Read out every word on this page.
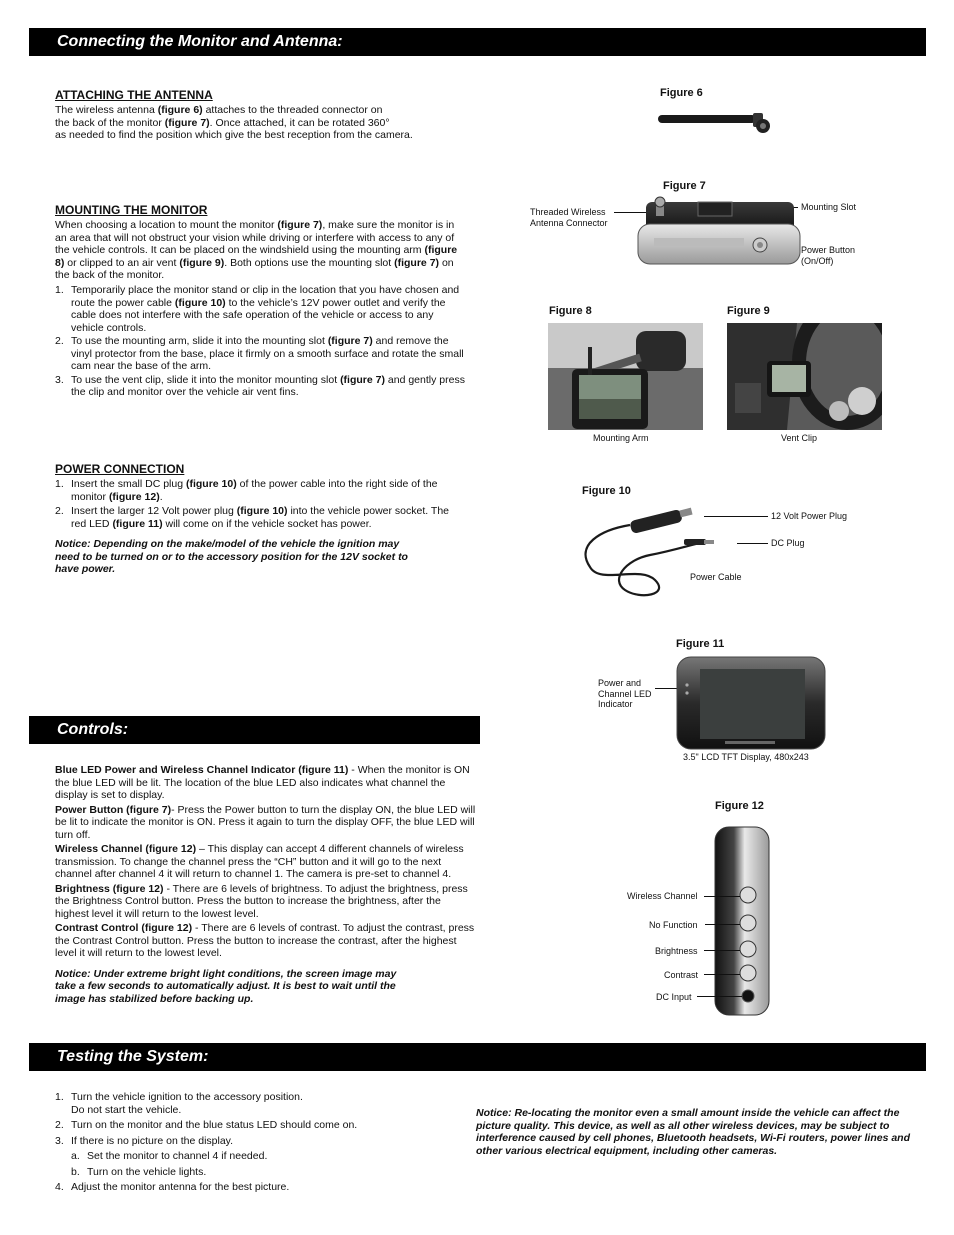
Connecting the Monitor and Antenna:
ATTACHING THE ANTENNA

The wireless antenna (figure 6) attaches to the threaded connector on
the back of the monitor (figure 7). Once attached, it can be rotated 360°
as needed to find the position which give the best reception from the camera.

MOUNTING THE MONITOR

When choosing a location to mount the monitor (figure 7), make sure the monitor is in an area that will not obstruct your vision while driving or interfere with access to any of the vehicle controls. It can be placed on the windshield using the mounting arm (figure 8) or clipped to an air vent (figure 9). Both options use the mounting slot (figure 7) on the back of the monitor.

1. Temporarily place the monitor stand or clip in the location that you have chosen and route the power cable (figure 10) to the vehicle’s 12V power outlet and verify the cable does not interfere with the safe operation of the vehicle or access to any vehicle controls.
2. To use the mounting arm, slide it into the mounting slot (figure 7) and remove the vinyl protector from the base, place it firmly on a smooth surface and rotate the small cam near the base of the arm.
3. To use the vent clip, slide it into the monitor mounting slot (figure 7) and gently press the clip and monitor over the vehicle air vent fins.
POWER CONNECTION
1. Insert the small DC plug (figure 10) of the power cable into the right side of the monitor (figure 12).
2. Insert the larger 12 Volt power plug (figure 10) into the vehicle power socket. The red LED (figure 11) will come on if the vehicle socket has power.

Notice: Depending on the make/model of the vehicle the ignition may need to be turned on or to the accessory position for the 12V socket to have power.

Figure 6
Figure 7
Threaded Wireless Antenna Connector
Mounting Slot
Power Button (On/Off)
Figure 8
Mounting Arm
Figure 9
Vent Clip
Figure 10
12 Volt Power Plug
DC Plug
Power Cable
Figure 11
Power and Channel LED Indicator
3.5" LCD TFT Display, 480x243
Figure 12
Wireless Channel
No Function
Brightness
Contrast
DC Input
Controls:

Blue LED Power and Wireless Channel Indicator (figure 11) - When the monitor is ON the blue LED will be lit. The location of the blue LED also indicates what channel the display is set to display.

Power Button (figure 7)- Press the Power button to turn the display ON, the blue LED will be lit to indicate the monitor is ON. Press it again to turn the display OFF, the blue LED will turn off.

Wireless Channel (figure 12) – This display can accept 4 different channels of wireless transmission. To change the channel press the “CH” button and it will go to the next channel after channel 4 it will return to channel 1. The camera is pre-set to channel 4.

Brightness (figure 12) - There are 6 levels of brightness. To adjust the brightness, press the Brightness Control button. Press the button to increase the brightness, after the highest level it will return to the lowest level.

Contrast Control (figure 12) - There are 6 levels of contrast. To adjust the contrast, press the Contrast Control button. Press the button to increase the contrast, after the highest level it will return to the lowest level.

Notice: Under extreme bright light conditions, the screen image may take a few seconds to automatically adjust. It is best to wait until the image has stabilized before backing up.

Testing the System:
1. Turn the vehicle ignition to the accessory position.
Do not start the vehicle.
2. Turn on the monitor and the blue status LED should come on.
3. If there is no picture on the display.
a. Set the monitor to channel 4 if needed.
b. Turn on the vehicle lights.
4. Adjust the monitor antenna for the best picture.

Notice: Re-locating the monitor even a small amount inside the vehicle can affect the picture quality. This device, as well as all other wireless devices, may be subject to interference caused by cell phones, Bluetooth headsets, Wi-Fi routers, power lines and other various electrical equipment, including other cameras.
